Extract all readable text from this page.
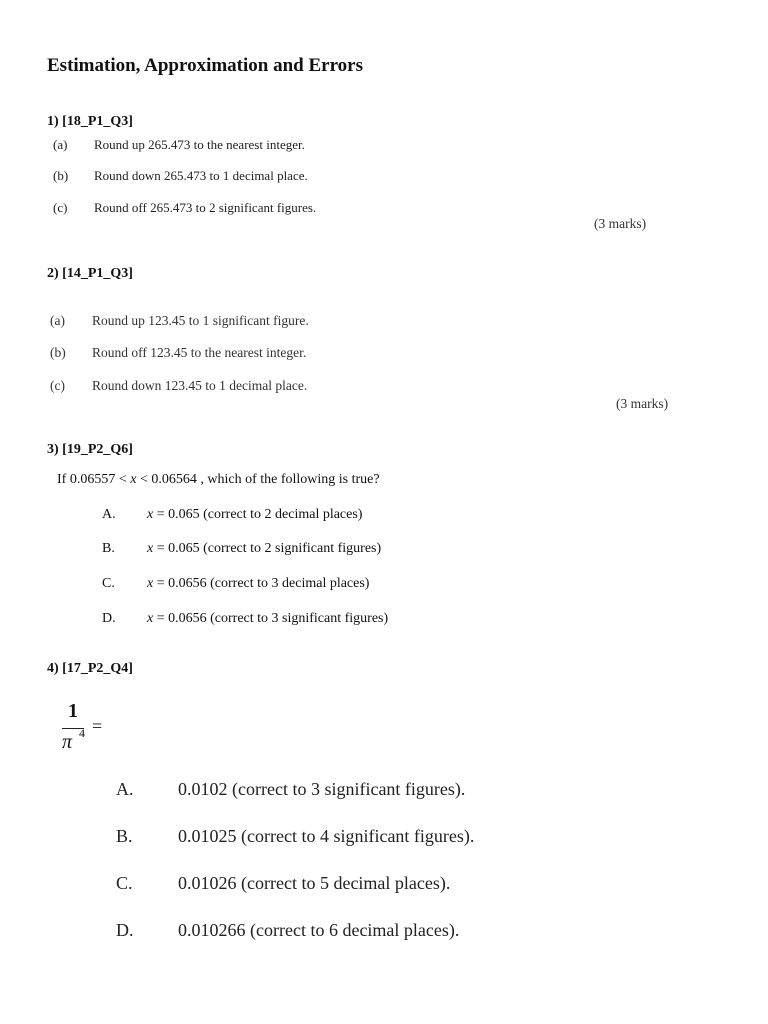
Estimation, Approximation and Errors
1) [18_P1_Q3]
(a) Round up 265.473 to the nearest integer.
(b) Round down 265.473 to 1 decimal place.
(c) Round off 265.473 to 2 significant figures.
(3 marks)
2) [14_P1_Q3]
(a) Round up 123.45 to 1 significant figure.
(b) Round off 123.45 to the nearest integer.
(c) Round down 123.45 to 1 decimal place.
(3 marks)
3) [19_P2_Q6]
If 0.06557 < x < 0.06564 , which of the following is true?
A. x = 0.065 (correct to 2 decimal places)
B. x = 0.065 (correct to 2 significant figures)
C. x = 0.0656 (correct to 3 decimal places)
D. x = 0.0656 (correct to 3 significant figures)
4) [17_P2_Q4]
1
π 4 =
A. 0.0102 (correct to 3 significant figures).
B.	0.01025 (correct to 4 significant figures).
C.	0.01026 (correct to 5 decimal places).
D. 0.010266 (correct to 6 decimal places).
